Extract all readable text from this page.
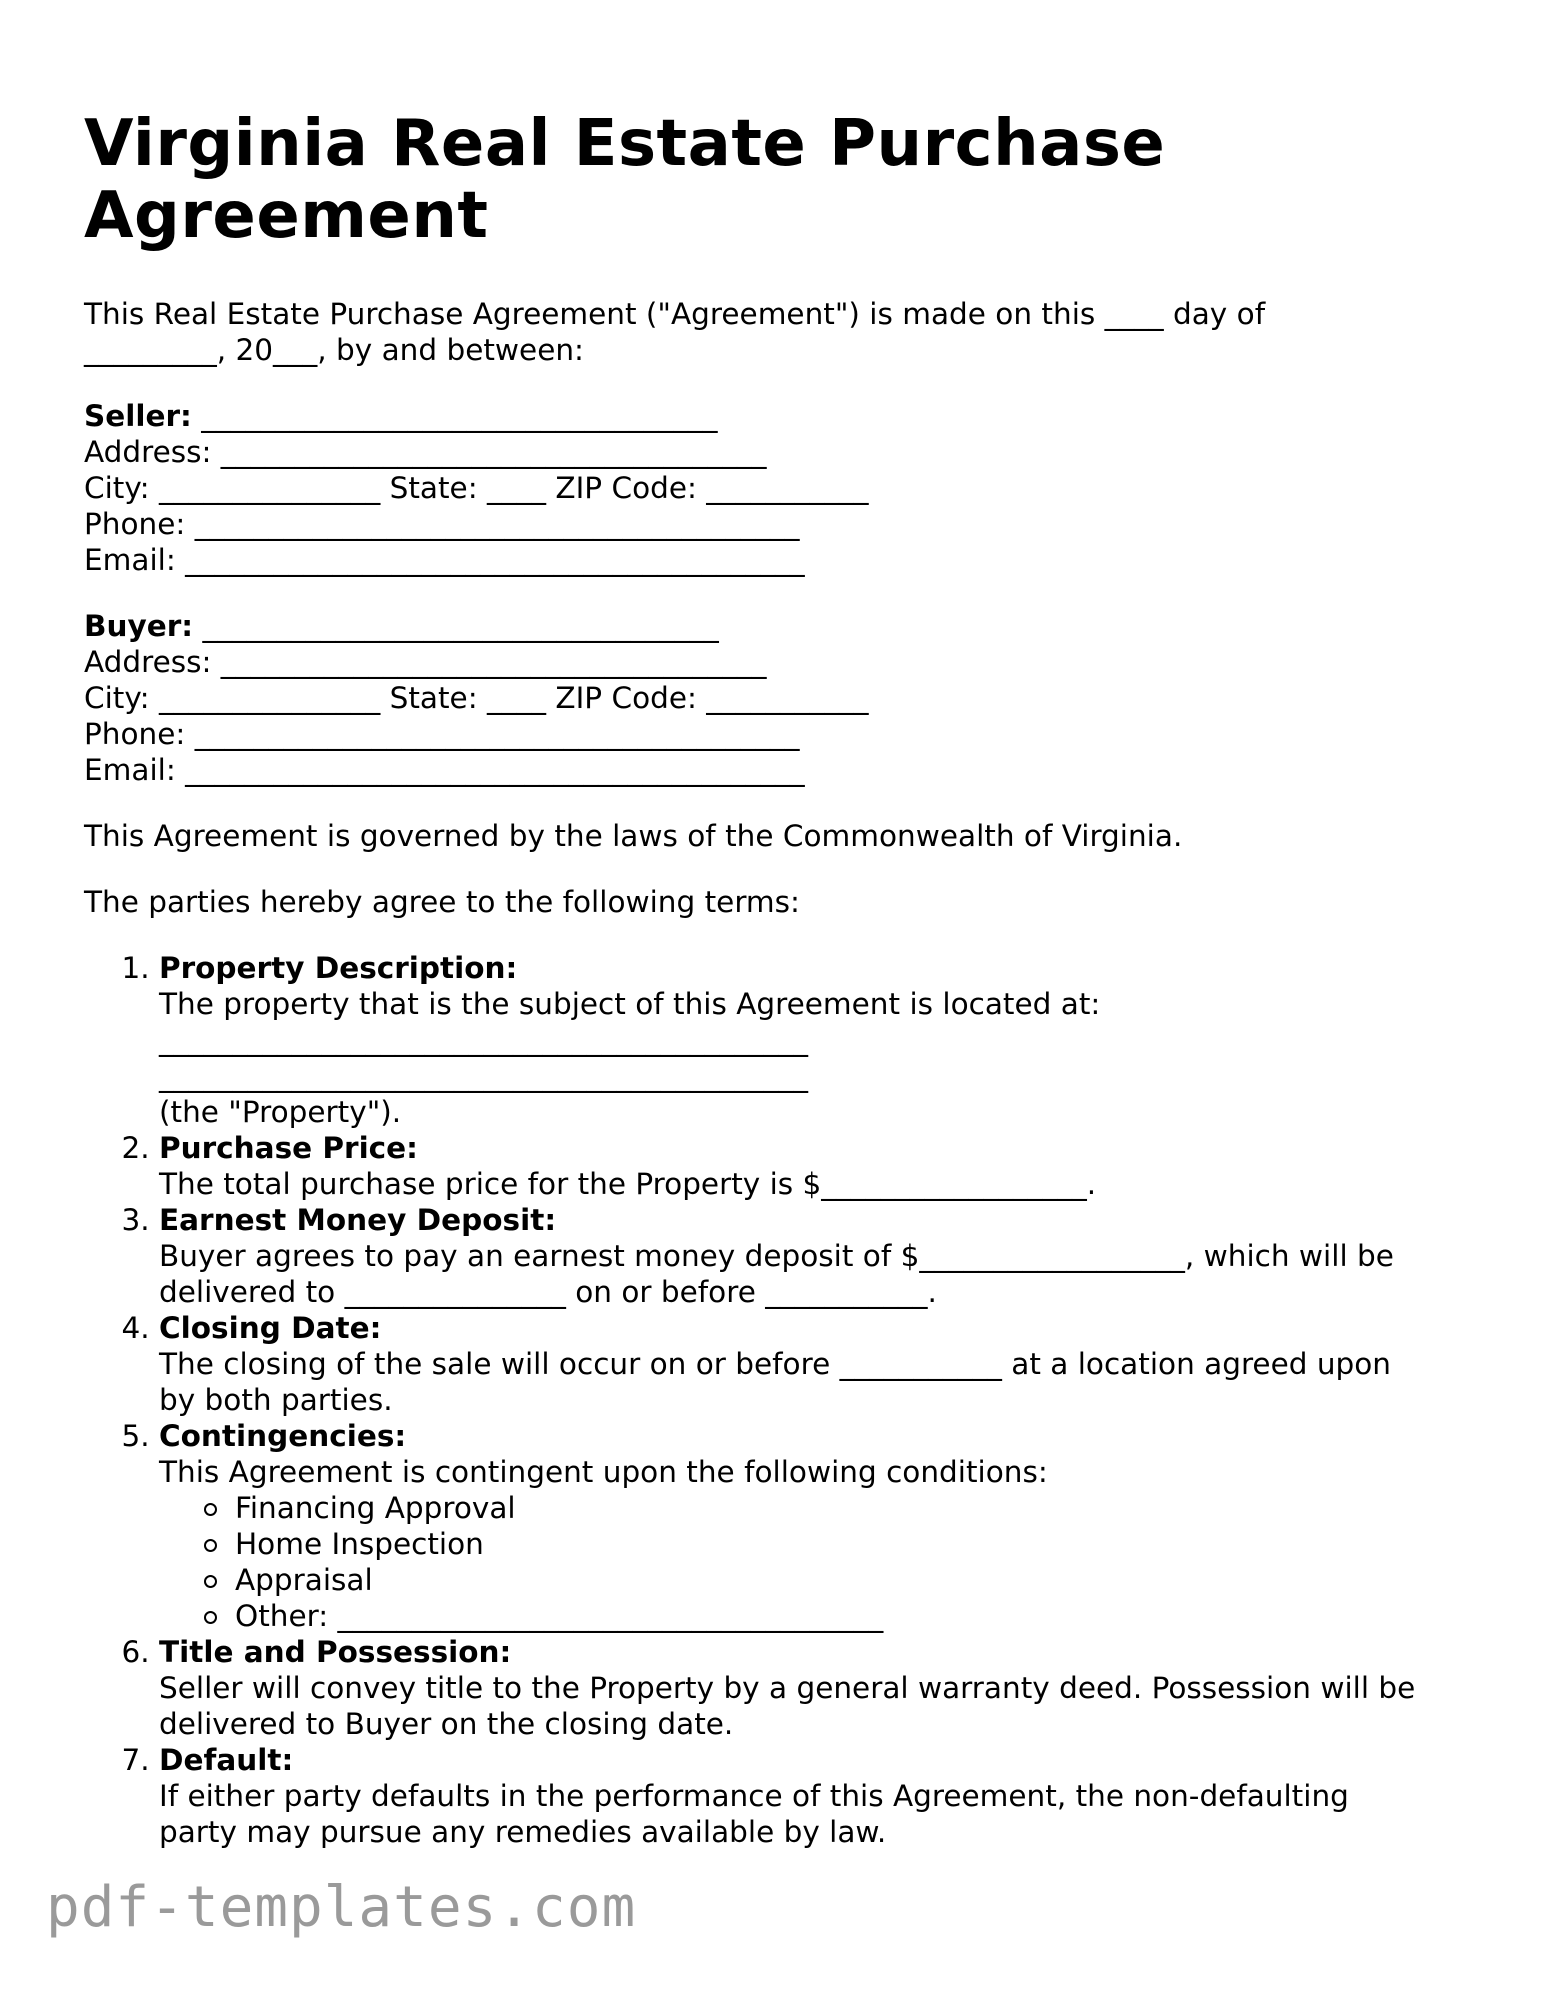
Virginia Real Estate Purchase Agreement

This Real Estate Purchase Agreement ("Agreement") is made on this ____ day of
_________, 20___, by and between:

Seller: ___________________________________
Address: _____________________________________
City: _______________ State: ____ ZIP Code: ___________
Phone: _________________________________________
Email: __________________________________________
Buyer: ___________________________________
Address: _____________________________________
City: _______________ State: ____ ZIP Code: ___________
Phone: _________________________________________
Email: __________________________________________

This Agreement is governed by the laws of the Commonwealth of Virginia.

The parties hereby agree to the following terms:

1. Property Description:
The property that is the subject of this Agreement is located at:
____________________________________________
____________________________________________
(the "Property").
2. Purchase Price:
The total purchase price for the Property is $__________________.
3. Earnest Money Deposit:
Buyer agrees to pay an earnest money deposit of $__________________, which will be
delivered to _______________ on or before ___________.
4. Closing Date:
The closing of the sale will occur on or before ___________ at a location agreed upon
by both parties.
5. Contingencies:
This Agreement is contingent upon the following conditions:
Financing Approval
Home Inspection
Appraisal
Other: _____________________________________
6. Title and Possession:
Seller will convey title to the Property by a general warranty deed. Possession will be
delivered to Buyer on the closing date.
7. Default:
If either party defaults in the performance of this Agreement, the non-defaulting
party may pursue any remedies available by law.
pdf-templates.com
